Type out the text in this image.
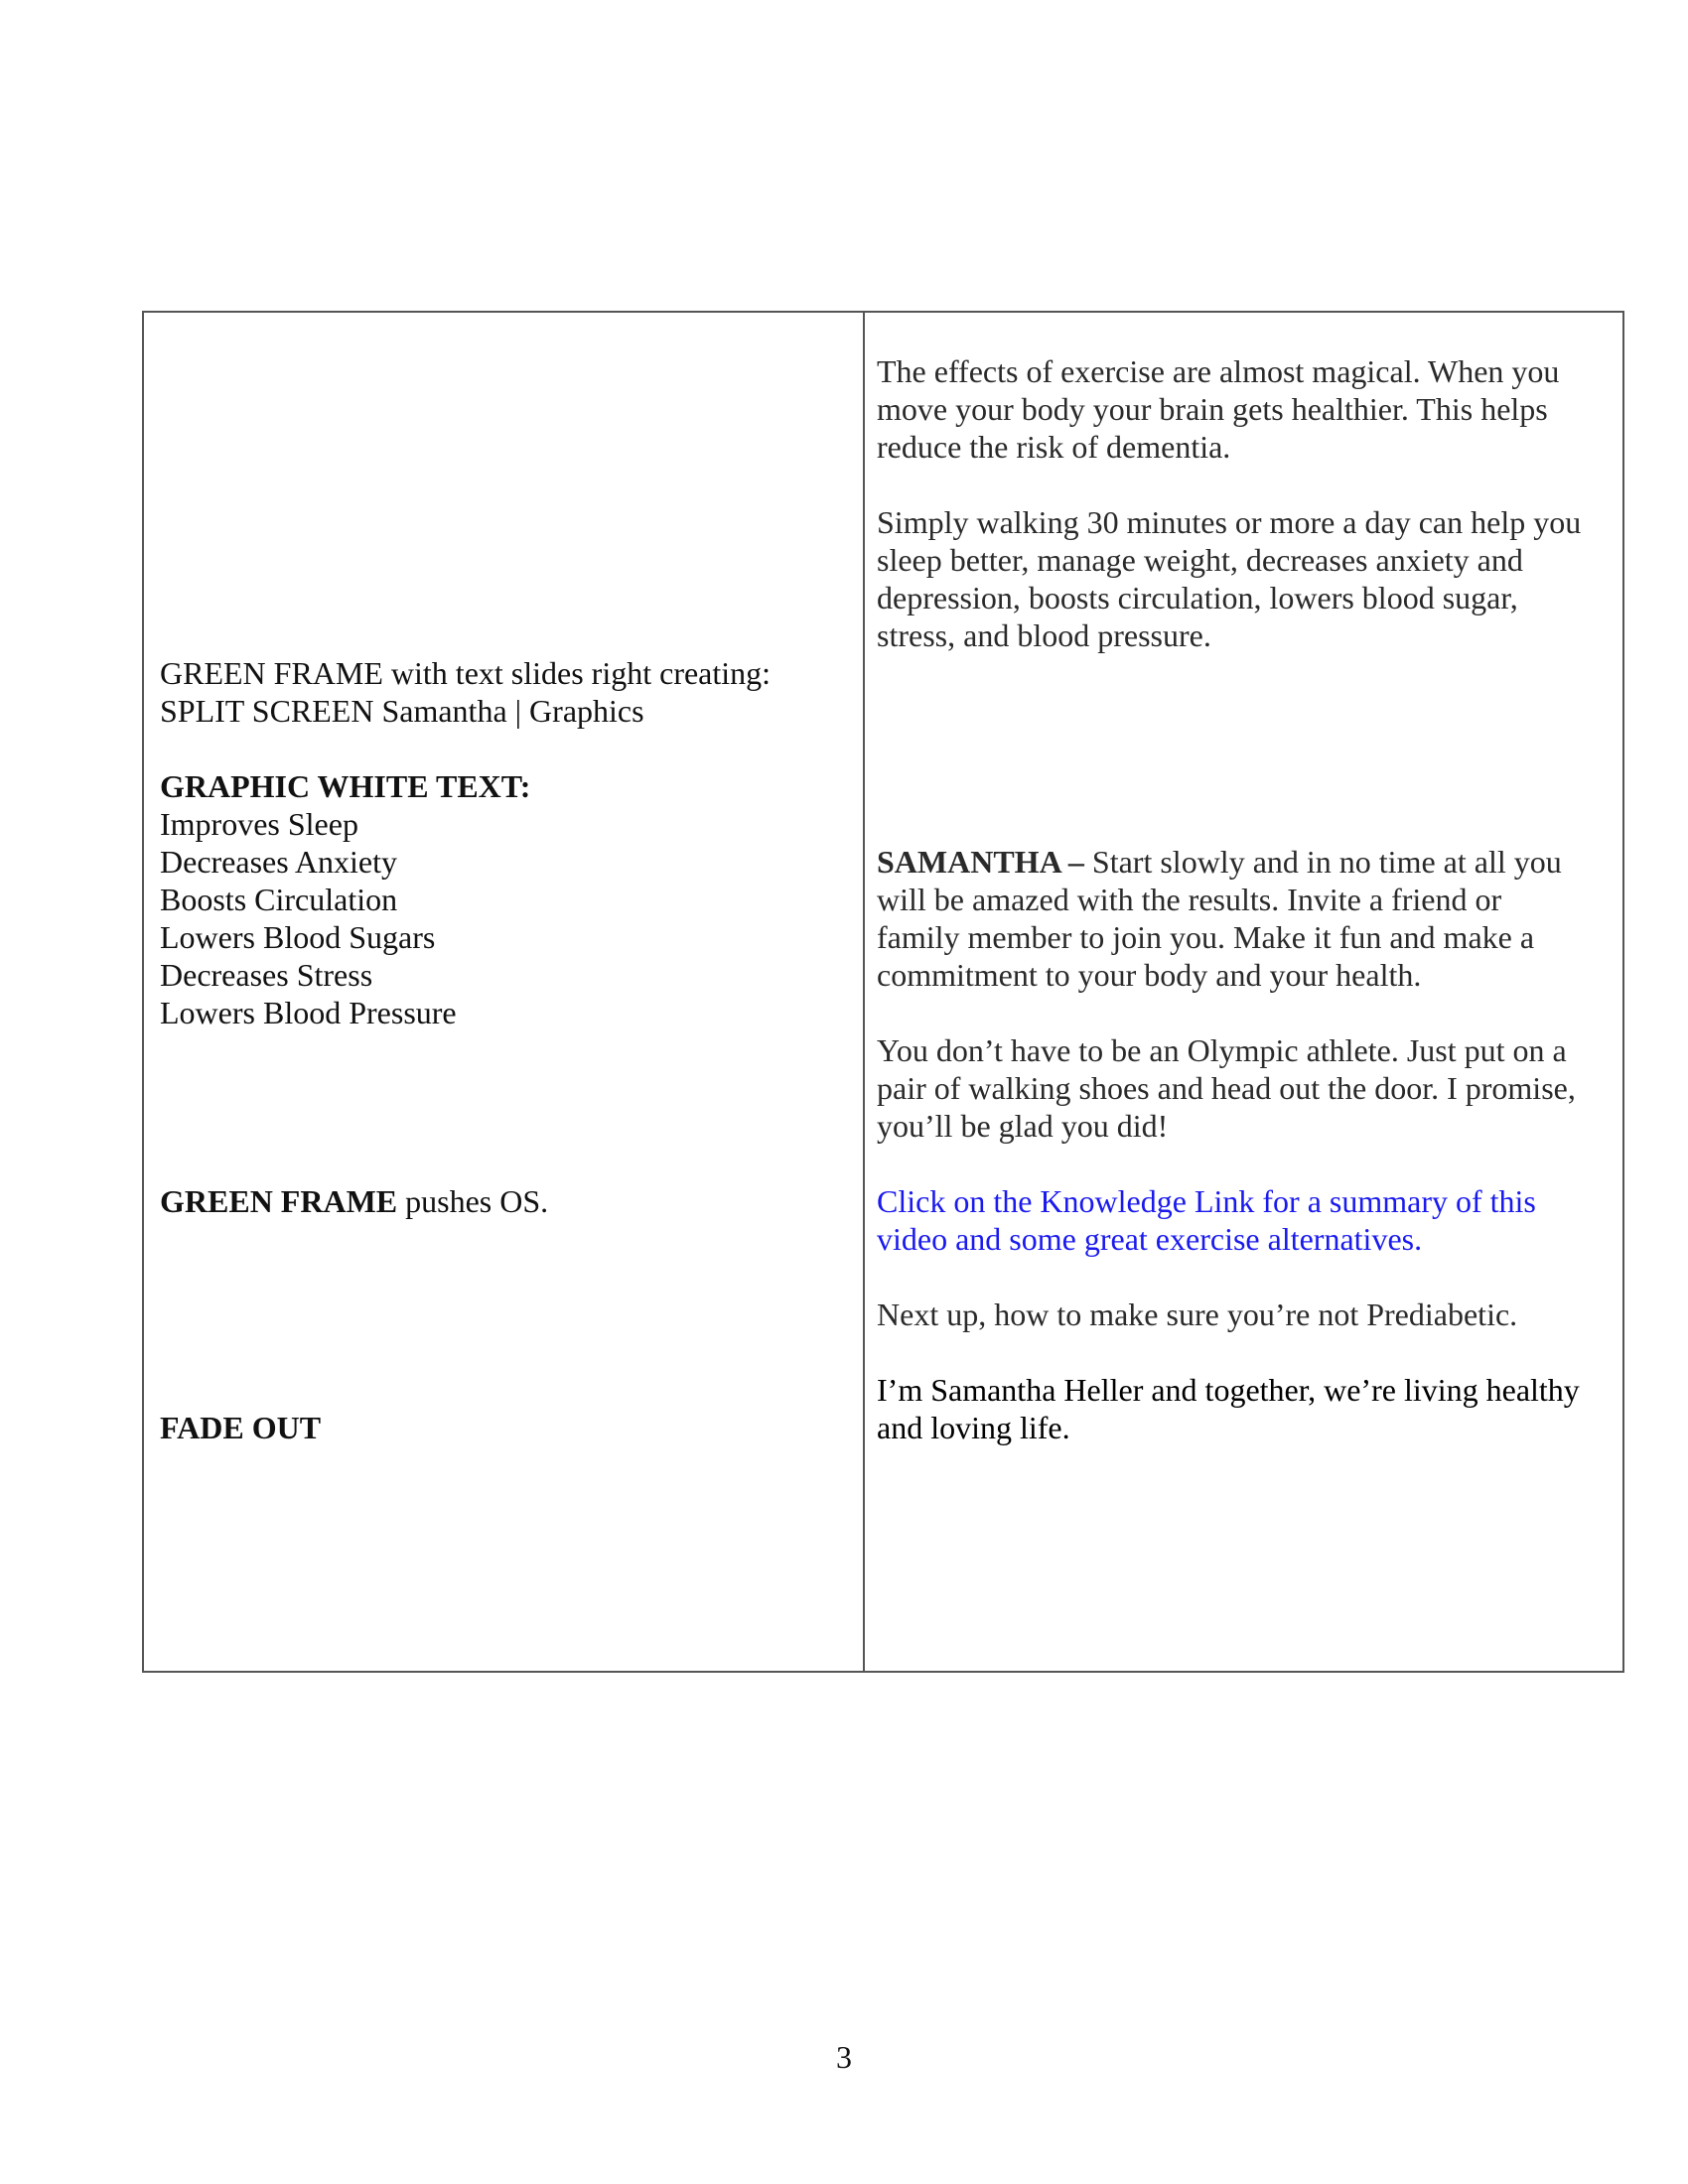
GREEN FRAME with text slides right creating:

SPLIT SCREEN Samantha | Graphics

GRAPHIC WHITE TEXT:

Improves Sleep

Decreases Anxiety

Boosts Circulation

Lowers Blood Sugars

Decreases Stress

Lowers Blood Pressure

GREEN FRAME pushes OS.

FADE OUT

The effects of exercise are almost magical. When you

move your body your brain gets healthier. This helps

reduce the risk of dementia.

Simply walking 30 minutes or more a day can help you

sleep better, manage weight, decreases anxiety and

depression, boosts circulation, lowers blood sugar,

stress, and blood pressure.

SAMANTHA – Start slowly and in no time at all you

will be amazed with the results. Invite a friend or

family member to join you. Make it fun and make a

commitment to your body and your health.

You don’t have to be an Olympic athlete. Just put on a

pair of walking shoes and head out the door. I promise,

you’ll be glad you did!

Click on the Knowledge Link for a summary of this

video and some great exercise alternatives.

Next up, how to make sure you’re not Prediabetic.

I’m Samantha Heller and together, we’re living healthy

and loving life.

3
